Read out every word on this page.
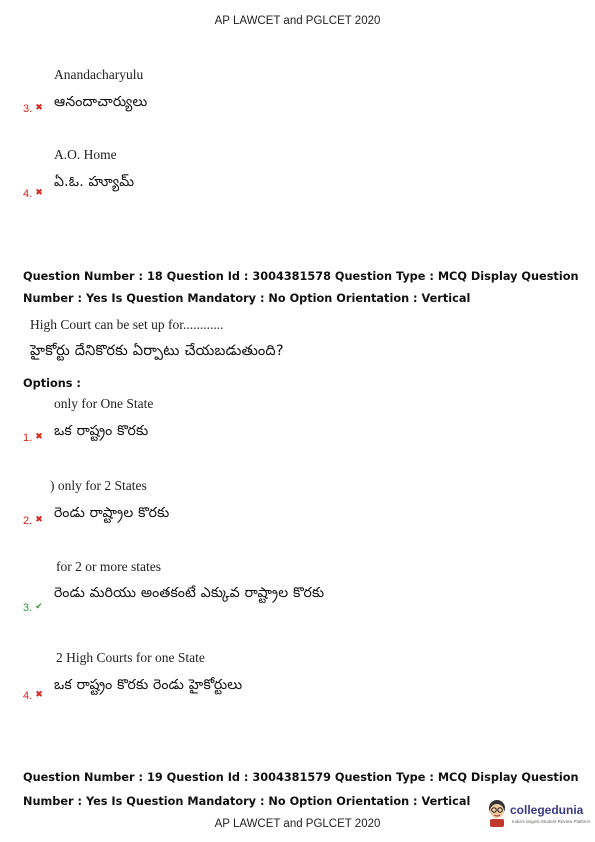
AP LAWCET and PGLCET 2020
Anandacharyulu
3. ✖ ఆనందాచార్యులు
A.O. Home
4. ✖
ఏ.ఓ. హ్యూమ్
Question Number : 18 Question Id : 3004381578 Question Type : MCQ Display Question
Number : Yes Is Question Mandatory : No Option Orientation : Vertical
High Court can be set up for............
హైకోర్టు దేనికొరకు ఏర్పాటు చేయబడుతుంది?
Options :
only for One State
ఒక రాష్ట్రం కొరకు
1. ✖
) only for 2 States
రెండు రాష్ట్రాల కొరకు
2. ✖
for 2 or more states
రెండు మరియు అంతకంటే ఎక్కువ రాష్ట్రాల కొరకు
3. ✔
2 High Courts for one State
ఒక రాష్ట్రం కొరకు రెండు హైకోర్టులు
4. ✖
Question Number : 19 Question Id : 3004381579 Question Type : MCQ Display Question
Number : Yes Is Question Mandatory : No Option Orientation : Vertical
collegedunia
India's largest Student Review Platform
AP LAWCET and PGLCET 2020
